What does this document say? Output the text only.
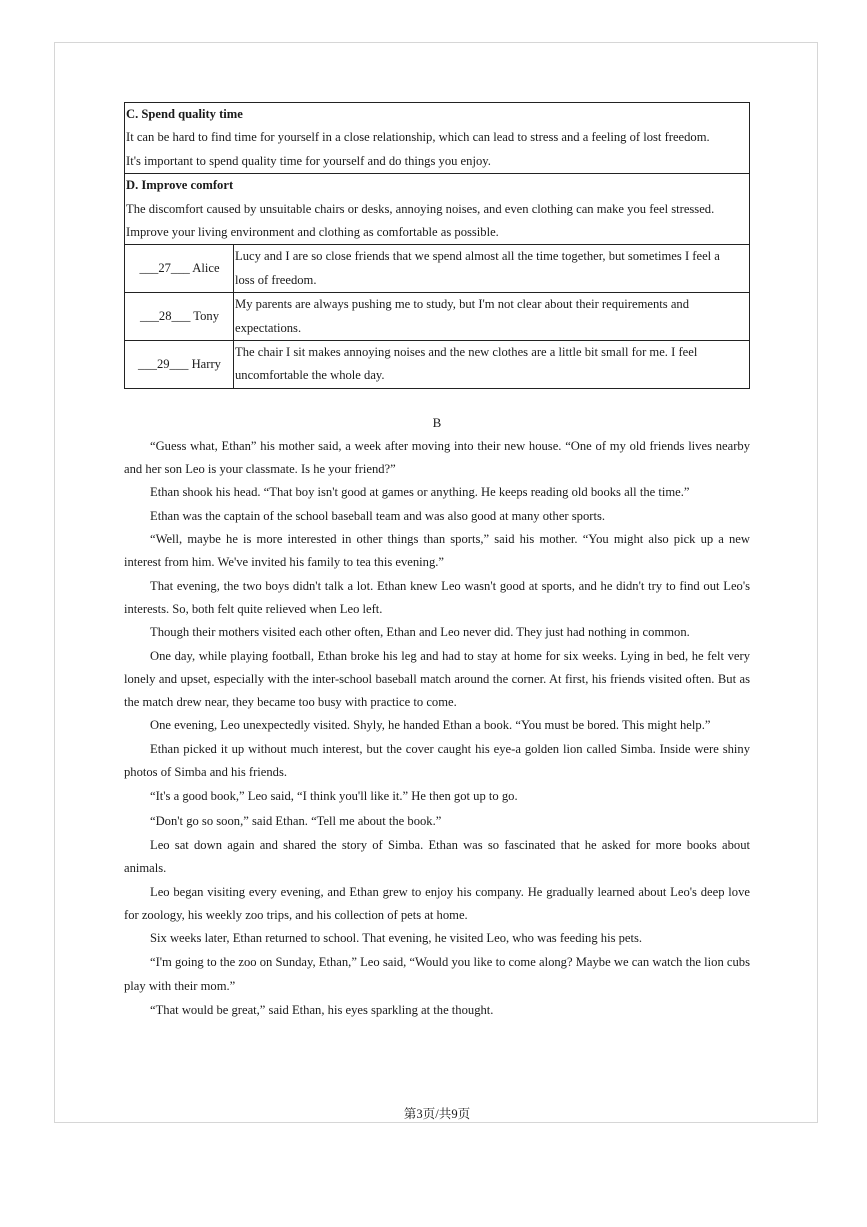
C. Spend quality time
It can be hard to find time for yourself in a close relationship, which can lead to stress and a feeling of lost freedom.
It's important to spend quality time for yourself and do things you enjoy.	

D. Improve comfort
The discomfort caused by unsuitable chairs or desks, annoying noises, and even clothing can make you feel stressed.
Improve your living environment and clothing as comfortable as possible.	

___27___ Alice	Lucy and I are so close friends that we spend almost all the time together, but sometimes I feel a
loss of freedom.

___28___ Tony	My parents are always pushing me to study, but I'm not clear about their requirements and
expectations.

___29___ Harry	The chair I sit makes annoying noises and the new clothes are a little bit small for me. I feel
uncomfortable the whole day.
B

“Guess what, Ethan” his mother said, a week after moving into their new house. “One of my old friends lives nearby and her son Leo is your classmate. Is he your friend?”

Ethan shook his head. “That boy isn't good at games or anything. He keeps reading old books all the time.”

Ethan was the captain of the school baseball team and was also good at many other sports.

“Well, maybe he is more interested in other things than sports,” said his mother. “You might also pick up a new interest from him. We've invited his family to tea this evening.”

That evening, the two boys didn't talk a lot. Ethan knew Leo wasn't good at sports, and he didn't try to find out Leo's interests. So, both felt quite relieved when Leo left.

Though their mothers visited each other often, Ethan and Leo never did. They just had nothing in common.

One day, while playing football, Ethan broke his leg and had to stay at home for six weeks. Lying in bed, he felt very lonely and upset, especially with the inter-school baseball match around the corner. At first, his friends visited often. But as the match drew near, they became too busy with practice to come.

One evening, Leo unexpectedly visited. Shyly, he handed Ethan a book. “You must be bored. This might help.”

Ethan picked it up without much interest, but the cover caught his eye-a golden lion called Simba. Inside were shiny photos of Simba and his friends.

“It's a good book,” Leo said, “I think you'll like it.” He then got up to go.

“Don't go so soon,” said Ethan. “Tell me about the book.”

Leo sat down again and shared the story of Simba. Ethan was so fascinated that he asked for more books about animals.

Leo began visiting every evening, and Ethan grew to enjoy his company. He gradually learned about Leo's deep love for zoology, his weekly zoo trips, and his collection of pets at home.

Six weeks later, Ethan returned to school. That evening, he visited Leo, who was feeding his pets.

“I'm going to the zoo on Sunday, Ethan,” Leo said, “Would you like to come along? Maybe we can watch the lion cubs play with their mom.”

“That would be great,” said Ethan, his eyes sparkling at the thought.

第3页/共9页
